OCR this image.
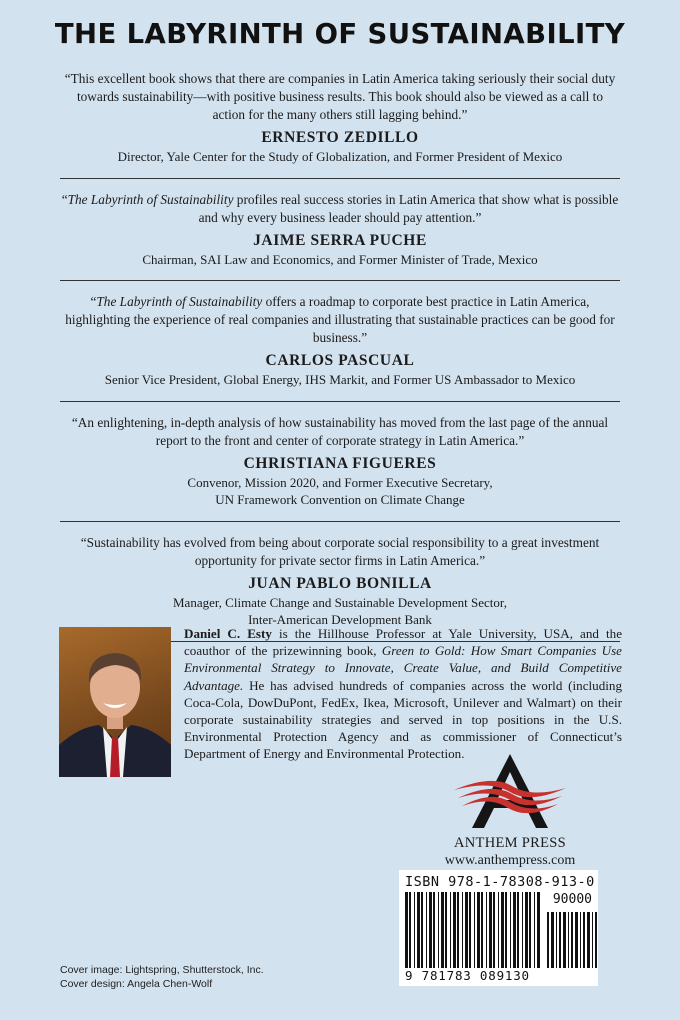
THE LABYRINTH OF SUSTAINABILITY

“This excellent book shows that there are companies in Latin America taking seriously their social duty towards sustainability—with positive business results. This book should also be viewed as a call to action for the many others still lagging behind.”

ERNESTO ZEDILLO

Director, Yale Center for the Study of Globalization, and Former President of Mexico

“The Labyrinth of Sustainability profiles real success stories in Latin America that show what is possible and why every business leader should pay attention.”

JAIME SERRA PUCHE

Chairman, SAI Law and Economics, and Former Minister of Trade, Mexico

“The Labyrinth of Sustainability offers a roadmap to corporate best practice in Latin America, highlighting the experience of real companies and illustrating that sustainable practices can be good for business.”

CARLOS PASCUAL

Senior Vice President, Global Energy, IHS Markit, and Former US Ambassador to Mexico

“An enlightening, in-depth analysis of how sustainability has moved from the last page of the annual report to the front and center of corporate strategy in Latin America.”

CHRISTIANA FIGUERES

Convenor, Mission 2020, and Former Executive Secretary,

UN Framework Convention on Climate Change

“Sustainability has evolved from being about corporate social responsibility to a great investment opportunity for private sector firms in Latin America.”

JUAN PABLO BONILLA

Manager, Climate Change and Sustainable Development Sector,

Inter-American Development Bank

Daniel C. Esty is the Hillhouse Professor at Yale University, USA, and the coauthor of the prizewinning book, Green to Gold: How Smart Companies Use Environmental Strategy to Innovate, Create Value, and Build Competitive Advantage. He has advised hundreds of companies across the world (including Coca-Cola, DowDuPont, FedEx, Ikea, Microsoft, Unilever and Walmart) on their corporate sustainability strategies and served in top positions in the U.S. Environmental Protection Agency and as commissioner of Connecticut’s Department of Energy and Environmental Protection.
ANTHEM PRESS
www.anthempress.com
ISBN 978-1-78308-913-0
90000
9 781783 089130
Cover image: Lightspring, Shutterstock, Inc.
Cover design: Angela Chen-Wolf
